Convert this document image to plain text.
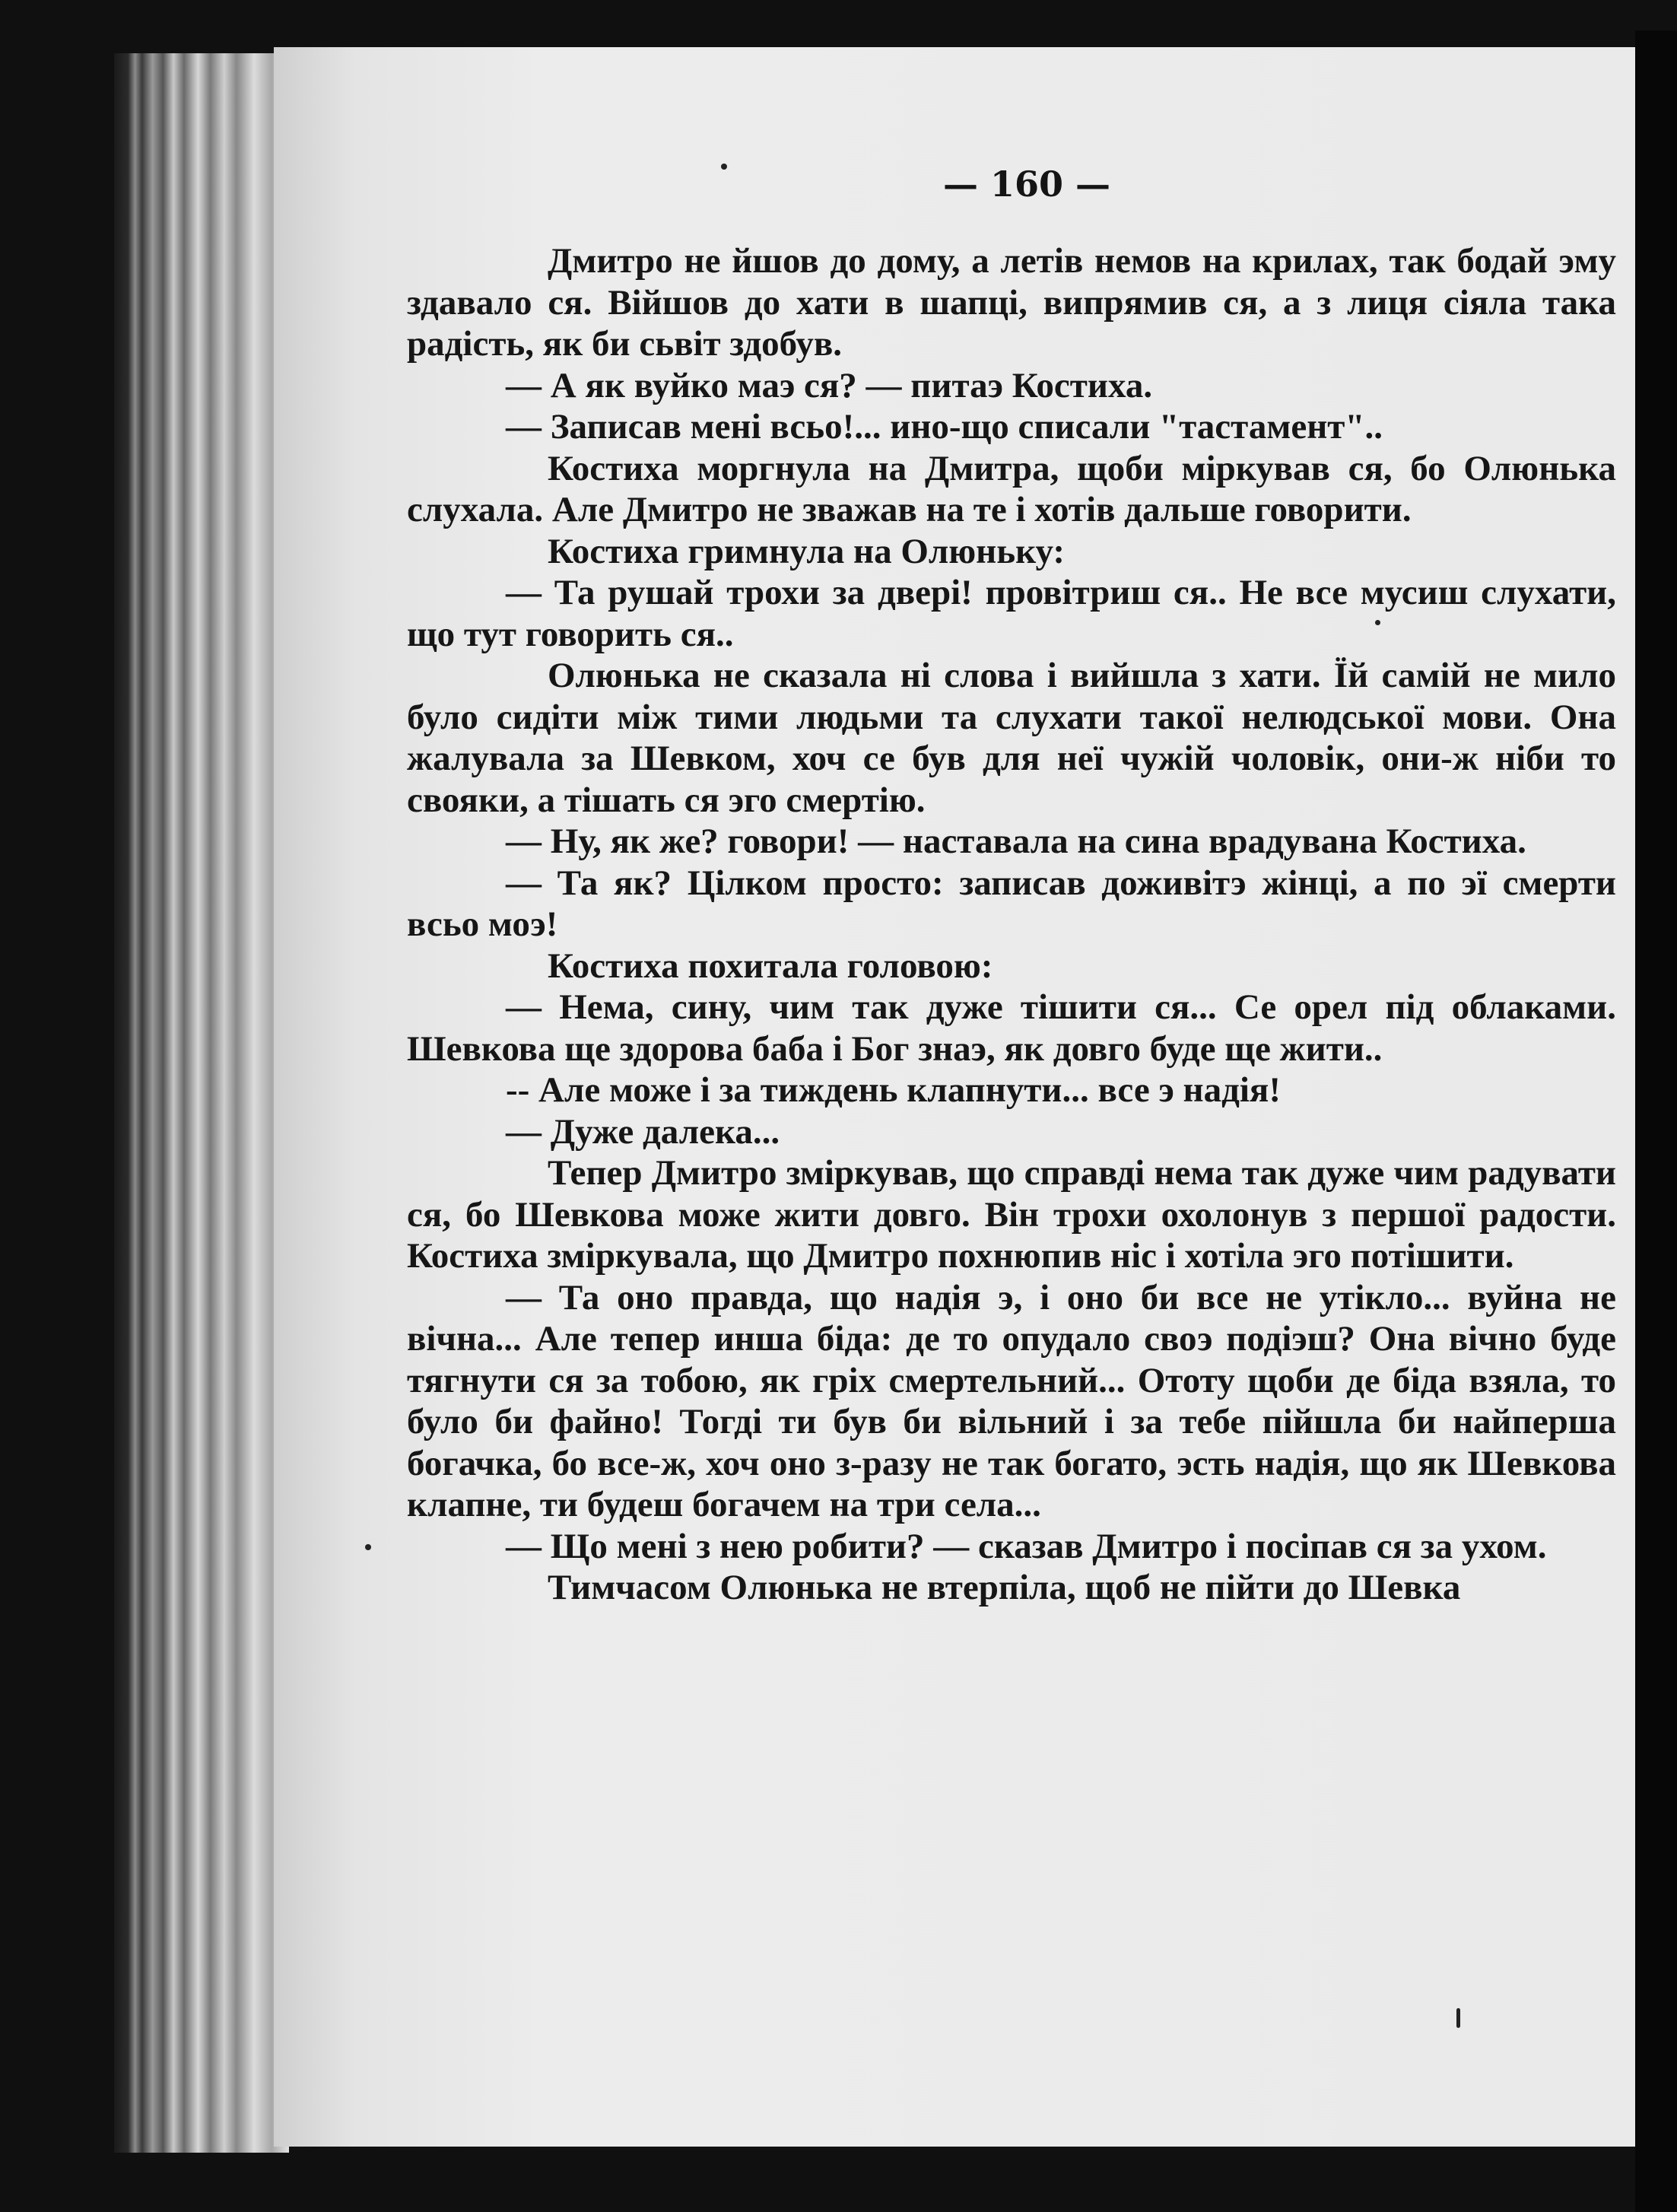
— 160 —

Дмитро не йшов до дому, а летів немов на крилах, так бодай эму здавало ся. Війшов до хати в шапці, випрямив ся, а з лиця сіяла така радість, як би сьвіт здобув.

— А як вуйко маэ ся? — питаэ Костиха.

— Записав мені всьо!... ино-що списали "тастамент"..

Костиха моргнула на Дмитра, щоби міркував ся, бо Олюнька слухала. Але Дмитро не зважав на те і хотів дальше говорити.

Костиха гримнула на Олюньку:

— Та рушай трохи за двері! провітриш ся.. Не все мусиш слухати, що тут говорить ся..

Олюнька не сказала ні слова і вийшла з хати. Їй самій не мило було сидіти між тими людьми та слухати такої нелюдської мови. Она жалувала за Шевком, хоч се був для неї чужій чоловік, они-ж ніби то свояки, а тішать ся эго смертію.

— Ну, як же? говори! — наставала на сина врадувана Костиха.

— Та як? Цілком просто: записав доживітэ жінці, а по эї смерти всьо моэ!

Костиха похитала головою:

— Нема, сину, чим так дуже тішити ся... Се орел під облаками. Шевкова ще здорова баба і Бог знаэ, як довго буде ще жити..

-- Але може і за тиждень клапнути... все э надія!

— Дуже далека...

Тепер Дмитро зміркував, що справді нема так дуже чим радувати ся, бо Шевкова може жити довго. Він трохи охолонув з першої радости. Костиха зміркувала, що Дмитро похнюпив ніс і хотіла эго потішити.

— Та оно правда, що надія э, і оно би все не утікло... вуйна не вічна... Але тепер инша біда: де то опудало своэ подіэш? Она вічно буде тягнути ся за тобою, як гріх смертельний... Ототу щоби де біда взяла, то було би файно! Тогді ти був би вільний і за тебе пійшла би найперша богачка, бо все-ж, хоч оно з-разу не так богато, эсть надія, що як Шевкова клапне, ти будеш богачем на три села...

— Що мені з нею робити? — сказав Дмитро і посіпав ся за ухом.

Тимчасом Олюнька не втерпіла, щоб не пійти до Шевка
